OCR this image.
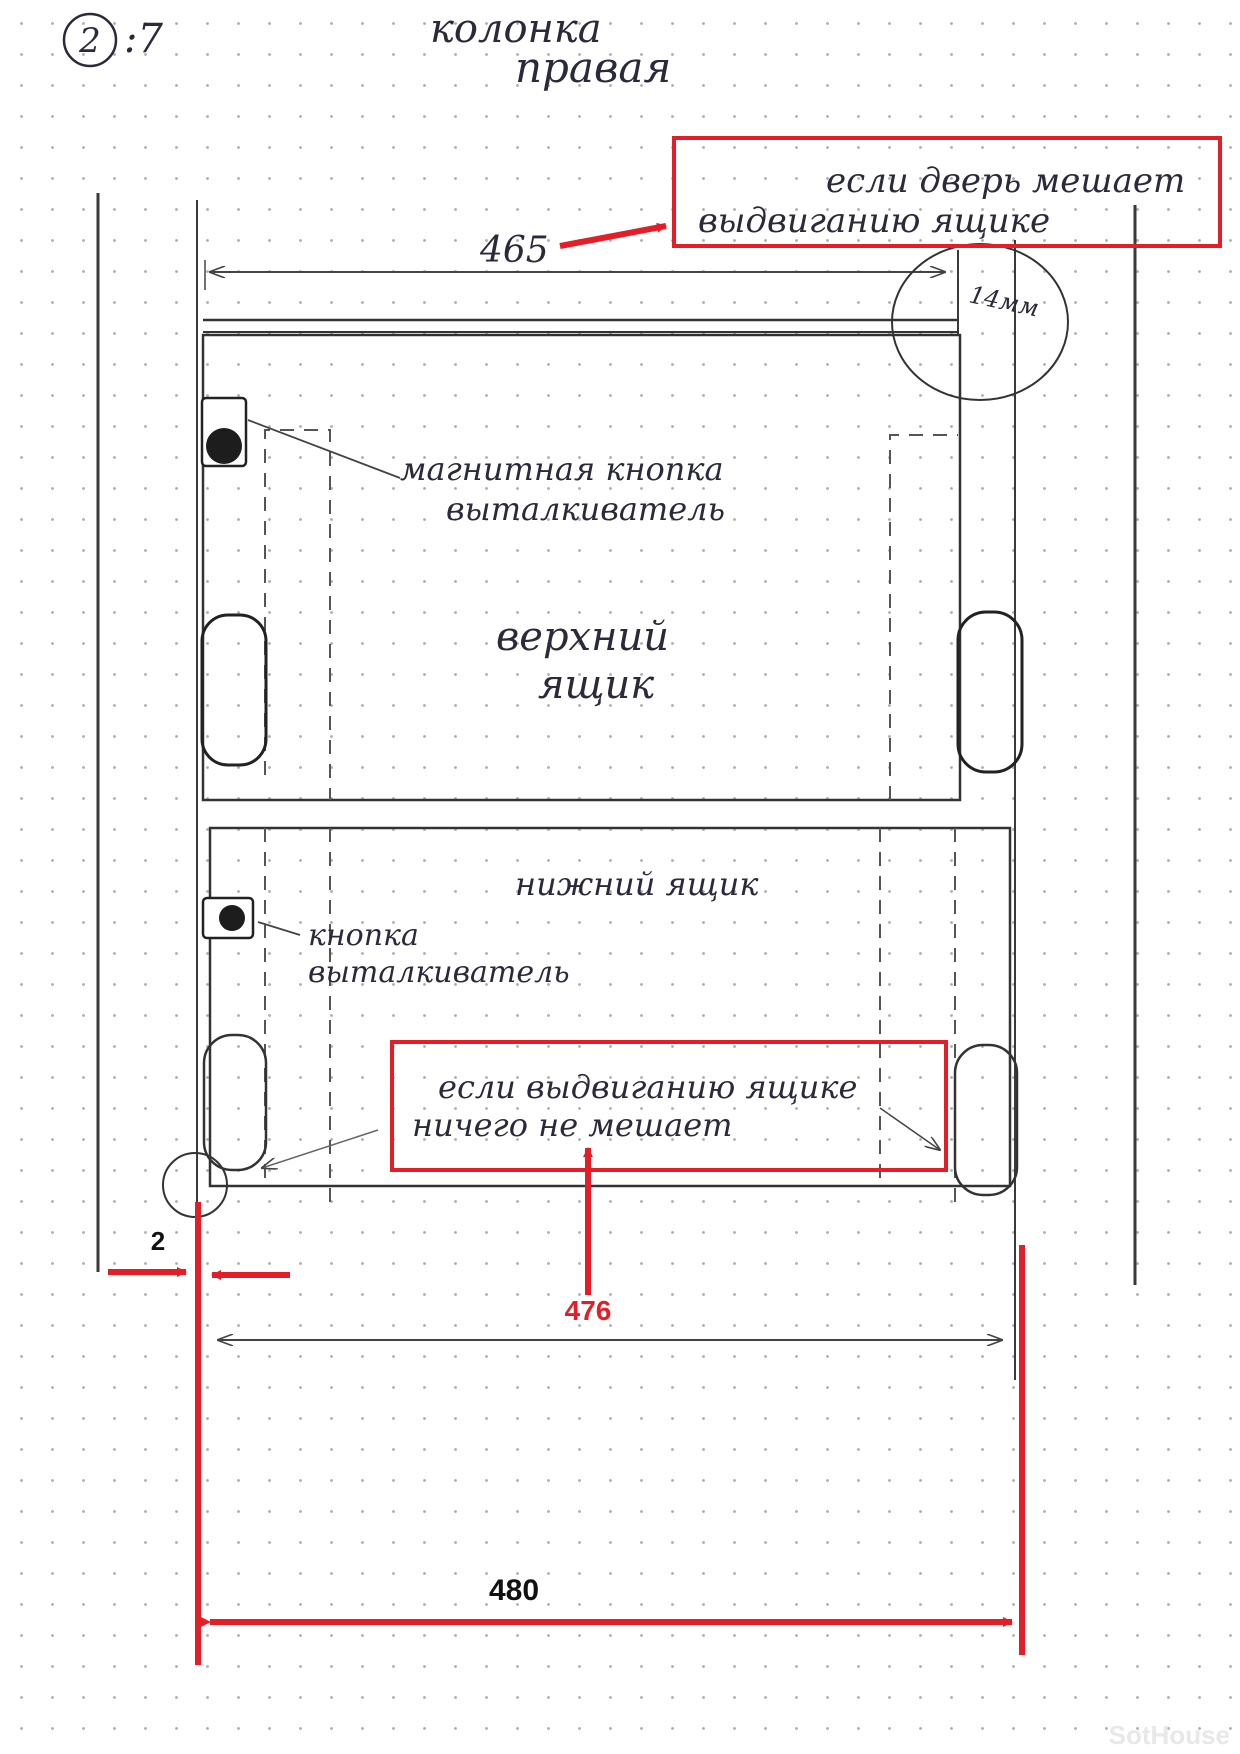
2 :7	колонка
правая
465
14мм
если дверь мешает
выдвиганию ящике
магнитная кнопка
выталкиватель
верхний
ящик
нижний ящик
кнопка
выталкиватель
если выдвиганию ящике
ничего не мешает
2
476
480
SotHouse
